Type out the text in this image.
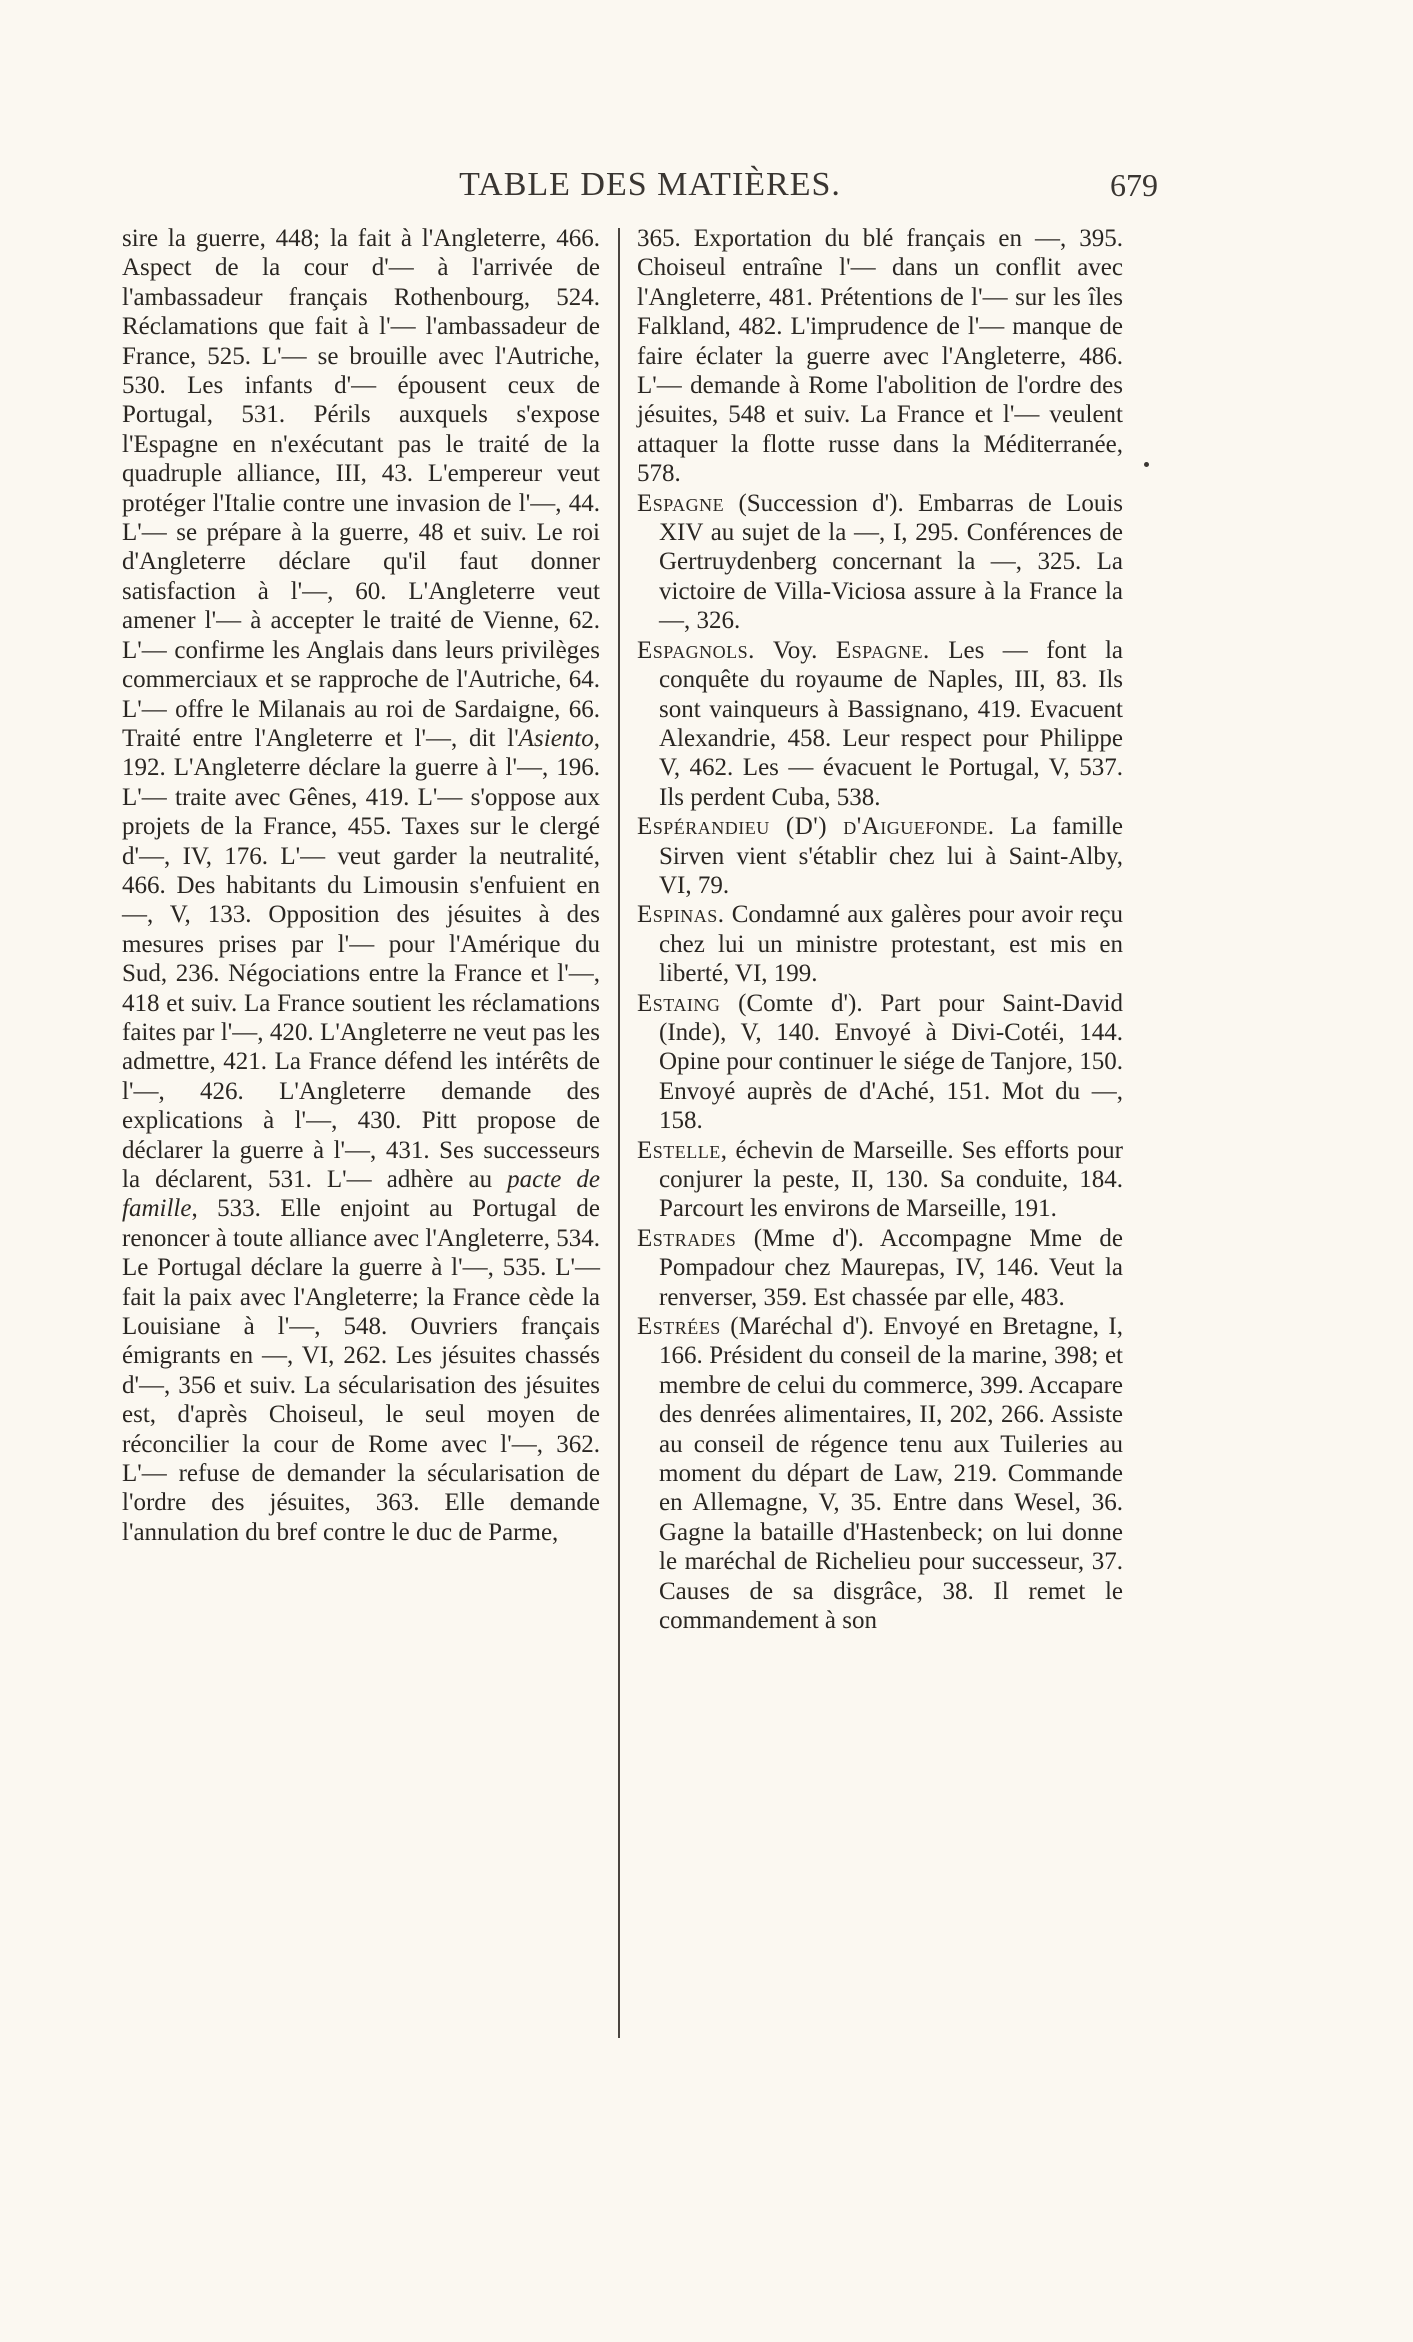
TABLE DES MATIÈRES.	679

sire la guerre, 448; la fait à l'Angleterre, 466. Aspect de la cour d'— à l'arrivée de l'ambassadeur français Rothenbourg, 524. Réclamations que fait à l'— l'ambassadeur de France, 525. L'— se brouille avec l'Autriche, 530. Les infants d'— épousent ceux de Portugal, 531. Périls auxquels s'expose l'Espagne en n'exécutant pas le traité de la quadruple alliance, III, 43. L'empereur veut protéger l'Italie contre une invasion de l'—, 44. L'— se prépare à la guerre, 48 et suiv. Le roi d'Angleterre déclare qu'il faut donner satisfaction à l'—, 60. L'Angleterre veut amener l'— à accepter le traité de Vienne, 62. L'— confirme les Anglais dans leurs privilèges commerciaux et se rapproche de l'Autriche, 64. L'— offre le Milanais au roi de Sardaigne, 66. Traité entre l'Angleterre et l'—, dit l'Asiento, 192. L'Angleterre déclare la guerre à l'—, 196. L'— traite avec Gênes, 419. L'— s'oppose aux projets de la France, 455. Taxes sur le clergé d'—, IV, 176. L'— veut garder la neutralité, 466. Des habitants du Limousin s'enfuient en —, V, 133. Opposition des jésuites à des mesures prises par l'— pour l'Amérique du Sud, 236. Négociations entre la France et l'—, 418 et suiv. La France soutient les réclamations faites par l'—, 420. L'Angleterre ne veut pas les admettre, 421. La France défend les intérêts de l'—, 426. L'Angleterre demande des explications à l'—, 430. Pitt propose de déclarer la guerre à l'—, 431. Ses successeurs la déclarent, 531. L'— adhère au pacte de famille, 533. Elle enjoint au Portugal de renoncer à toute alliance avec l'Angleterre, 534. Le Portugal déclare la guerre à l'—, 535. L'— fait la paix avec l'Angleterre; la France cède la Louisiane à l'—, 548. Ouvriers français émigrants en —, VI, 262. Les jésuites chassés d'—, 356 et suiv. La sécularisation des jésuites est, d'après Choiseul, le seul moyen de réconcilier la cour de Rome avec l'—, 362. L'— refuse de demander la sécularisation de l'ordre des jésuites, 363. Elle demande l'annulation du bref contre le duc de Parme,

365. Exportation du blé français en —, 395. Choiseul entraîne l'— dans un conflit avec l'Angleterre, 481. Prétentions de l'— sur les îles Falkland, 482. L'imprudence de l'— manque de faire éclater la guerre avec l'Angleterre, 486. L'— demande à Rome l'abolition de l'ordre des jésuites, 548 et suiv. La France et l'— veulent attaquer la flotte russe dans la Méditerranée, 578.

Espagne (Succession d'). Embarras de Louis XIV au sujet de la —, I, 295. Conférences de Gertruydenberg concernant la —, 325. La victoire de Villa-Viciosa assure à la France la —, 326.

Espagnols. Voy. Espagne. Les — font la conquête du royaume de Naples, III, 83. Ils sont vainqueurs à Bassignano, 419. Evacuent Alexandrie, 458. Leur respect pour Philippe V, 462. Les — évacuent le Portugal, V, 537. Ils perdent Cuba, 538.

Espérandieu (D') d'Aiguefonde. La famille Sirven vient s'établir chez lui à Saint-Alby, VI, 79.

Espinas. Condamné aux galères pour avoir reçu chez lui un ministre protestant, est mis en liberté, VI, 199.

Estaing (Comte d'). Part pour Saint-David (Inde), V, 140. Envoyé à Divi-Cotéi, 144. Opine pour continuer le siége de Tanjore, 150. Envoyé auprès de d'Aché, 151. Mot du —, 158.

Estelle, échevin de Marseille. Ses efforts pour conjurer la peste, II, 130. Sa conduite, 184. Parcourt les environs de Marseille, 191.

Estrades (Mme d'). Accompagne Mme de Pompadour chez Maurepas, IV, 146. Veut la renverser, 359. Est chassée par elle, 483.

Estrées (Maréchal d'). Envoyé en Bretagne, I, 166. Président du conseil de la marine, 398; et membre de celui du commerce, 399. Accapare des denrées alimentaires, II, 202, 266. Assiste au conseil de régence tenu aux Tuileries au moment du départ de Law, 219. Commande en Allemagne, V, 35. Entre dans Wesel, 36. Gagne la bataille d'Hastenbeck; on lui donne le maréchal de Richelieu pour successeur, 37. Causes de sa disgrâce, 38. Il remet le commandement à son
